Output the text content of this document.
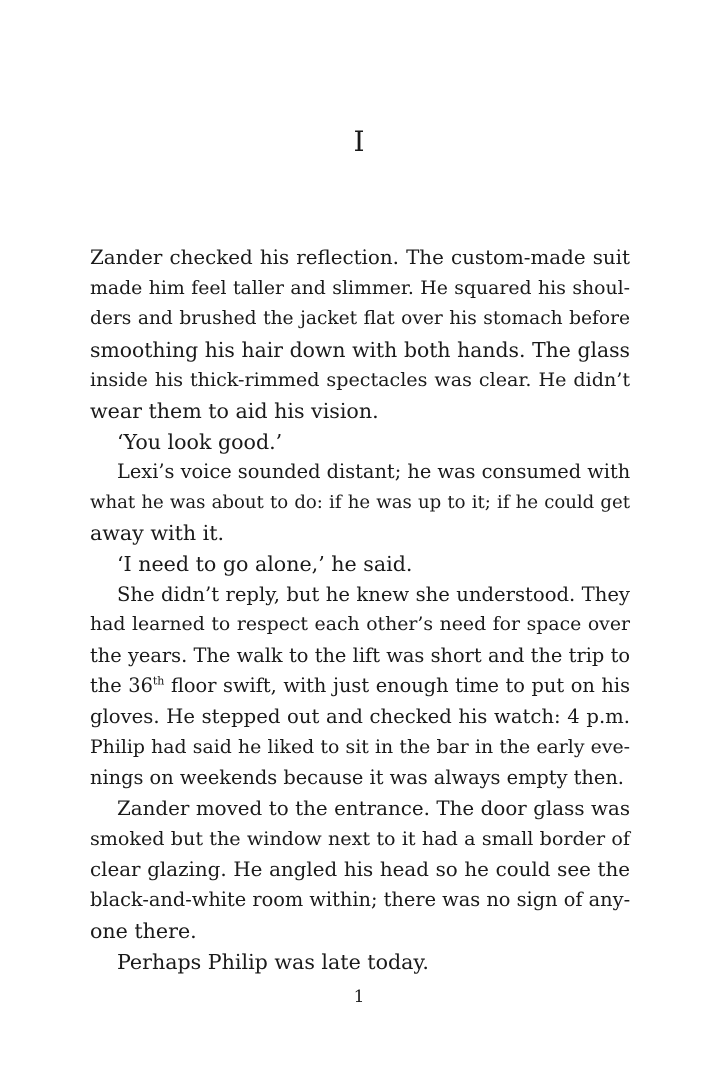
I
Zander checked his reflection. The custom-made suit
made him feel taller and slimmer. He squared his shoul-
ders and brushed the jacket flat over his stomach before
smoothing his hair down with both hands. The glass
inside his thick-rimmed spectacles was clear. He didn’t
wear them to aid his vision.
‘You look good.’
Lexi’s voice sounded distant; he was consumed with
what he was about to do: if he was up to it; if he could get
away with it.
‘I need to go alone,’ he said.
She didn’t reply, but he knew she understood. They
had learned to respect each other’s need for space over
the years. The walk to the lift was short and the trip to
the 36th floor swift, with just enough time to put on his
gloves. He stepped out and checked his watch: 4 p.m.
Philip had said he liked to sit in the bar in the early eve-
nings on weekends because it was always empty then.
Zander moved to the entrance. The door glass was
smoked but the window next to it had a small border of
clear glazing. He angled his head so he could see the
black-and-white room within; there was no sign of any-
one there.
Perhaps Philip was late today.
1
